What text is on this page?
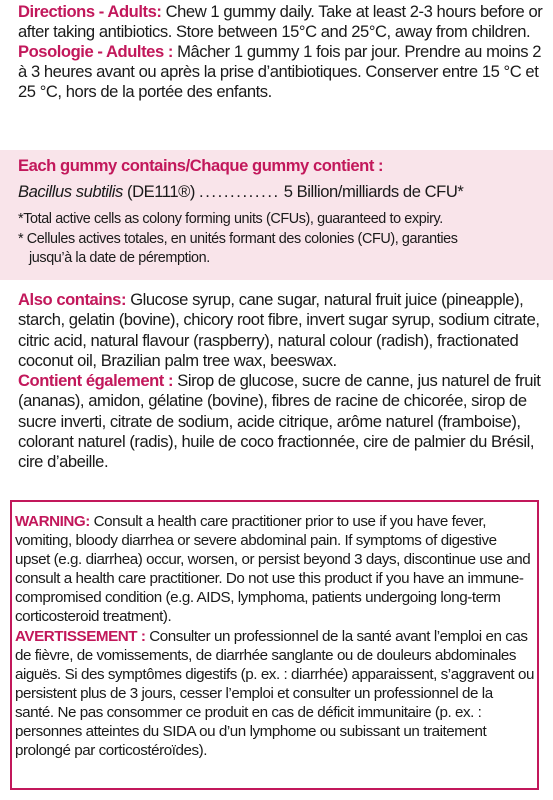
Directions - Adults: Chew 1 gummy daily. Take at least 2-3 hours before or after taking antibiotics. Store between 15°C and 25°C, away from children.

Posologie - Adultes : Mâcher 1 gummy 1 fois par jour. Prendre au moins 2 à 3 heures avant ou après la prise d’antibiotiques. Conserver entre 15 °C et 25 °C, hors de la portée des enfants.

Each gummy contains/Chaque gummy contient :
Bacillus subtilis (DE111®) ............. 5 Billion/milliards de CFU*
*Total active cells as colony forming units (CFUs), guaranteed to expiry.
* Cellules actives totales, en unités formant des colonies (CFU), garanties
jusqu’à la date de péremption.

Also contains: Glucose syrup, cane sugar, natural fruit juice (pineapple), starch, gelatin (bovine), chicory root fibre, invert sugar syrup, sodium citrate, citric acid, natural flavour (raspberry), natural colour (radish), fractionated coconut oil, Brazilian palm tree wax, beeswax.

Contient également : Sirop de glucose, sucre de canne, jus naturel de fruit (ananas), amidon, gélatine (bovine), fibres de racine de chicorée, sirop de sucre inverti, citrate de sodium, acide citrique, arôme naturel (framboise), colorant naturel (radis), huile de coco fractionnée, cire de palmier du Brésil, cire d’abeille.

WARNING: Consult a health care practitioner prior to use if you have fever, vomiting, bloody diarrhea or severe abdominal pain. If symptoms of digestive upset (e.g. diarrhea) occur, worsen, or persist beyond 3 days, discontinue use and consult a health care practitioner. Do not use this product if you have an immune-compromised condition (e.g. AIDS, lymphoma, patients undergoing long-term corticosteroid treatment).

AVERTISSEMENT : Consulter un professionnel de la santé avant l’emploi en cas de fièvre, de vomissements, de diarrhée sanglante ou de douleurs abdominales aiguës. Si des symptômes digestifs (p. ex. : diarrhée) apparaissent, s’aggravent ou persistent plus de 3 jours, cesser l’emploi et consulter un professionnel de la santé. Ne pas consommer ce produit en cas de déficit immunitaire (p. ex. : personnes atteintes du SIDA ou d’un lymphome ou subissant un traitement prolongé par corticostéroïdes).
